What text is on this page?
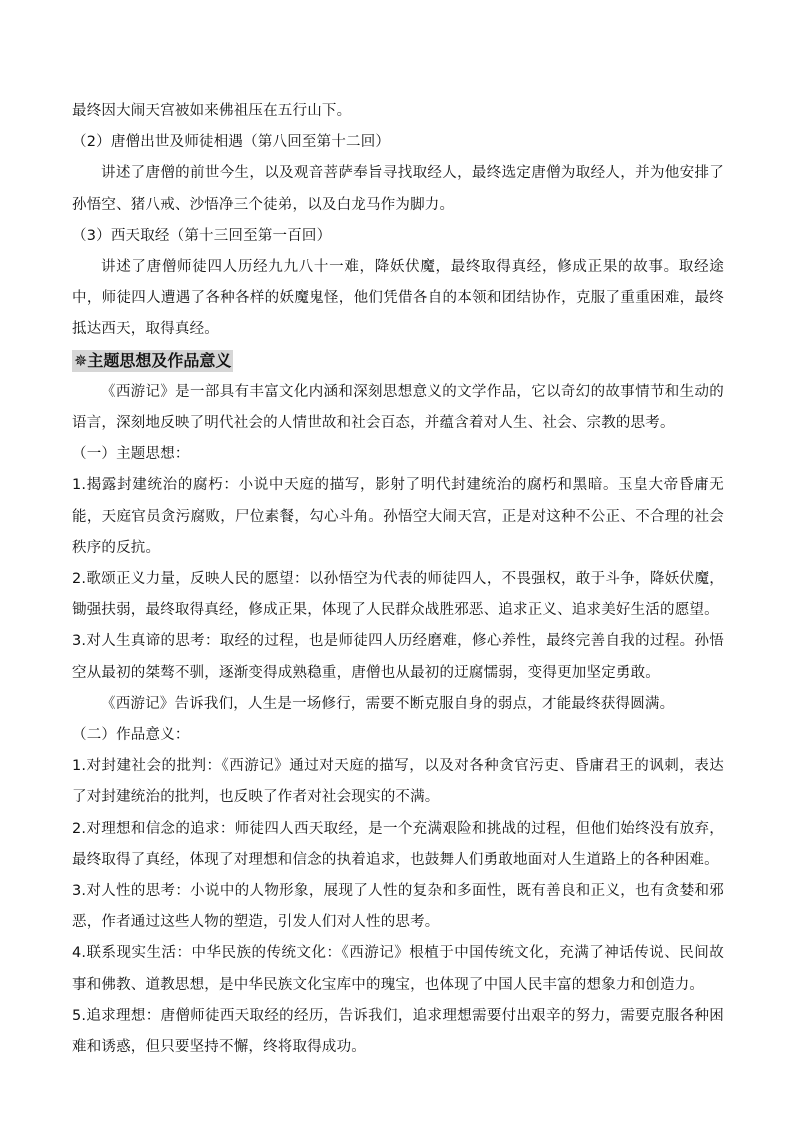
最终因大闹天宫被如来佛祖压在五行山下。

（2）唐僧出世及师徒相遇（第八回至第十二回）

讲述了唐僧的前世今生，以及观音菩萨奉旨寻找取经人，最终选定唐僧为取经人，并为他安排了孙悟空、猪八戒、沙悟净三个徒弟，以及白龙马作为脚力。

（3）西天取经（第十三回至第一百回）

讲述了唐僧师徒四人历经九九八十一难，降妖伏魔，最终取得真经，修成正果的故事。取经途中，师徒四人遭遇了各种各样的妖魔鬼怪，他们凭借各自的本领和团结协作，克服了重重困难，最终抵达西天，取得真经。

✵主题思想及作品意义

《西游记》是一部具有丰富文化内涵和深刻思想意义的文学作品，它以奇幻的故事情节和生动的语言，深刻地反映了明代社会的人情世故和社会百态，并蕴含着对人生、社会、宗教的思考。

（一）主题思想：

1.揭露封建统治的腐朽：小说中天庭的描写，影射了明代封建统治的腐朽和黑暗。玉皇大帝昏庸无能，天庭官员贪污腐败，尸位素餐，勾心斗角。孙悟空大闹天宫，正是对这种不公正、不合理的社会秩序的反抗。

2.歌颂正义力量，反映人民的愿望：以孙悟空为代表的师徒四人，不畏强权，敢于斗争，降妖伏魔，锄强扶弱，最终取得真经，修成正果，体现了人民群众战胜邪恶、追求正义、追求美好生活的愿望。

3.对人生真谛的思考：取经的过程，也是师徒四人历经磨难，修心养性，最终完善自我的过程。孙悟空从最初的桀骜不驯，逐渐变得成熟稳重，唐僧也从最初的迂腐懦弱，变得更加坚定勇敢。

《西游记》告诉我们，人生是一场修行，需要不断克服自身的弱点，才能最终获得圆满。

（二）作品意义：

1.对封建社会的批判：《西游记》通过对天庭的描写，以及对各种贪官污吏、昏庸君王的讽刺，表达了对封建统治的批判，也反映了作者对社会现实的不满。

2.对理想和信念的追求：师徒四人西天取经，是一个充满艰险和挑战的过程，但他们始终没有放弃，最终取得了真经，体现了对理想和信念的执着追求，也鼓舞人们勇敢地面对人生道路上的各种困难。

3.对人性的思考：小说中的人物形象，展现了人性的复杂和多面性，既有善良和正义，也有贪婪和邪恶，作者通过这些人物的塑造，引发人们对人性的思考。

4.联系现实生活：中华民族的传统文化：《西游记》根植于中国传统文化，充满了神话传说、民间故事和佛教、道教思想，是中华民族文化宝库中的瑰宝，也体现了中国人民丰富的想象力和创造力。

5.追求理想：唐僧师徒西天取经的经历，告诉我们，追求理想需要付出艰辛的努力，需要克服各种困难和诱惑，但只要坚持不懈，终将取得成功。
